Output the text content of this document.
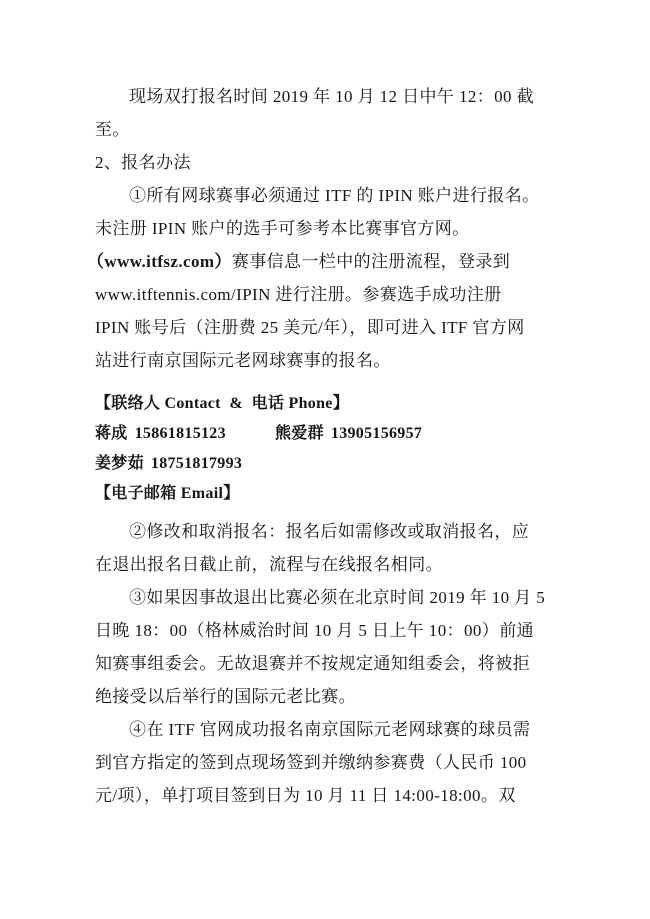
现场双打报名时间 2019 年 10 月 12 日中午 12：00 截

至。

2、报名办法

①所有网球赛事必须通过 ITF 的 IPIN 账户进行报名。

未注册 IPIN 账户的选手可参考本比赛事官方网。

（www.itfsz.com）赛事信息一栏中的注册流程，登录到

www.itftennis.com/IPIN 进行注册。参赛选手成功注册

IPIN 账号后（注册费 25 美元/年），即可进入 ITF 官方网

站进行南京国际元老网球赛事的报名。

【联络人 Contact  &  电话 Phone】

蒋成 15861815123	熊爱群 13905156957

姜梦茹 18751817993

【电子邮箱 Email】

②修改和取消报名：报名后如需修改或取消报名，应

在退出报名日截止前，流程与在线报名相同。

③如果因事故退出比赛必须在北京时间 2019 年 10 月 5

日晚 18：00（格林威治时间 10 月 5 日上午 10：00）前通

知赛事组委会。无故退赛并不按规定通知组委会，将被拒

绝接受以后举行的国际元老比赛。

④在 ITF 官网成功报名南京国际元老网球赛的球员需

到官方指定的签到点现场签到并缴纳参赛费（人民币 100

元/项），单打项目签到日为 10 月 11 日 14:00-18:00。双
